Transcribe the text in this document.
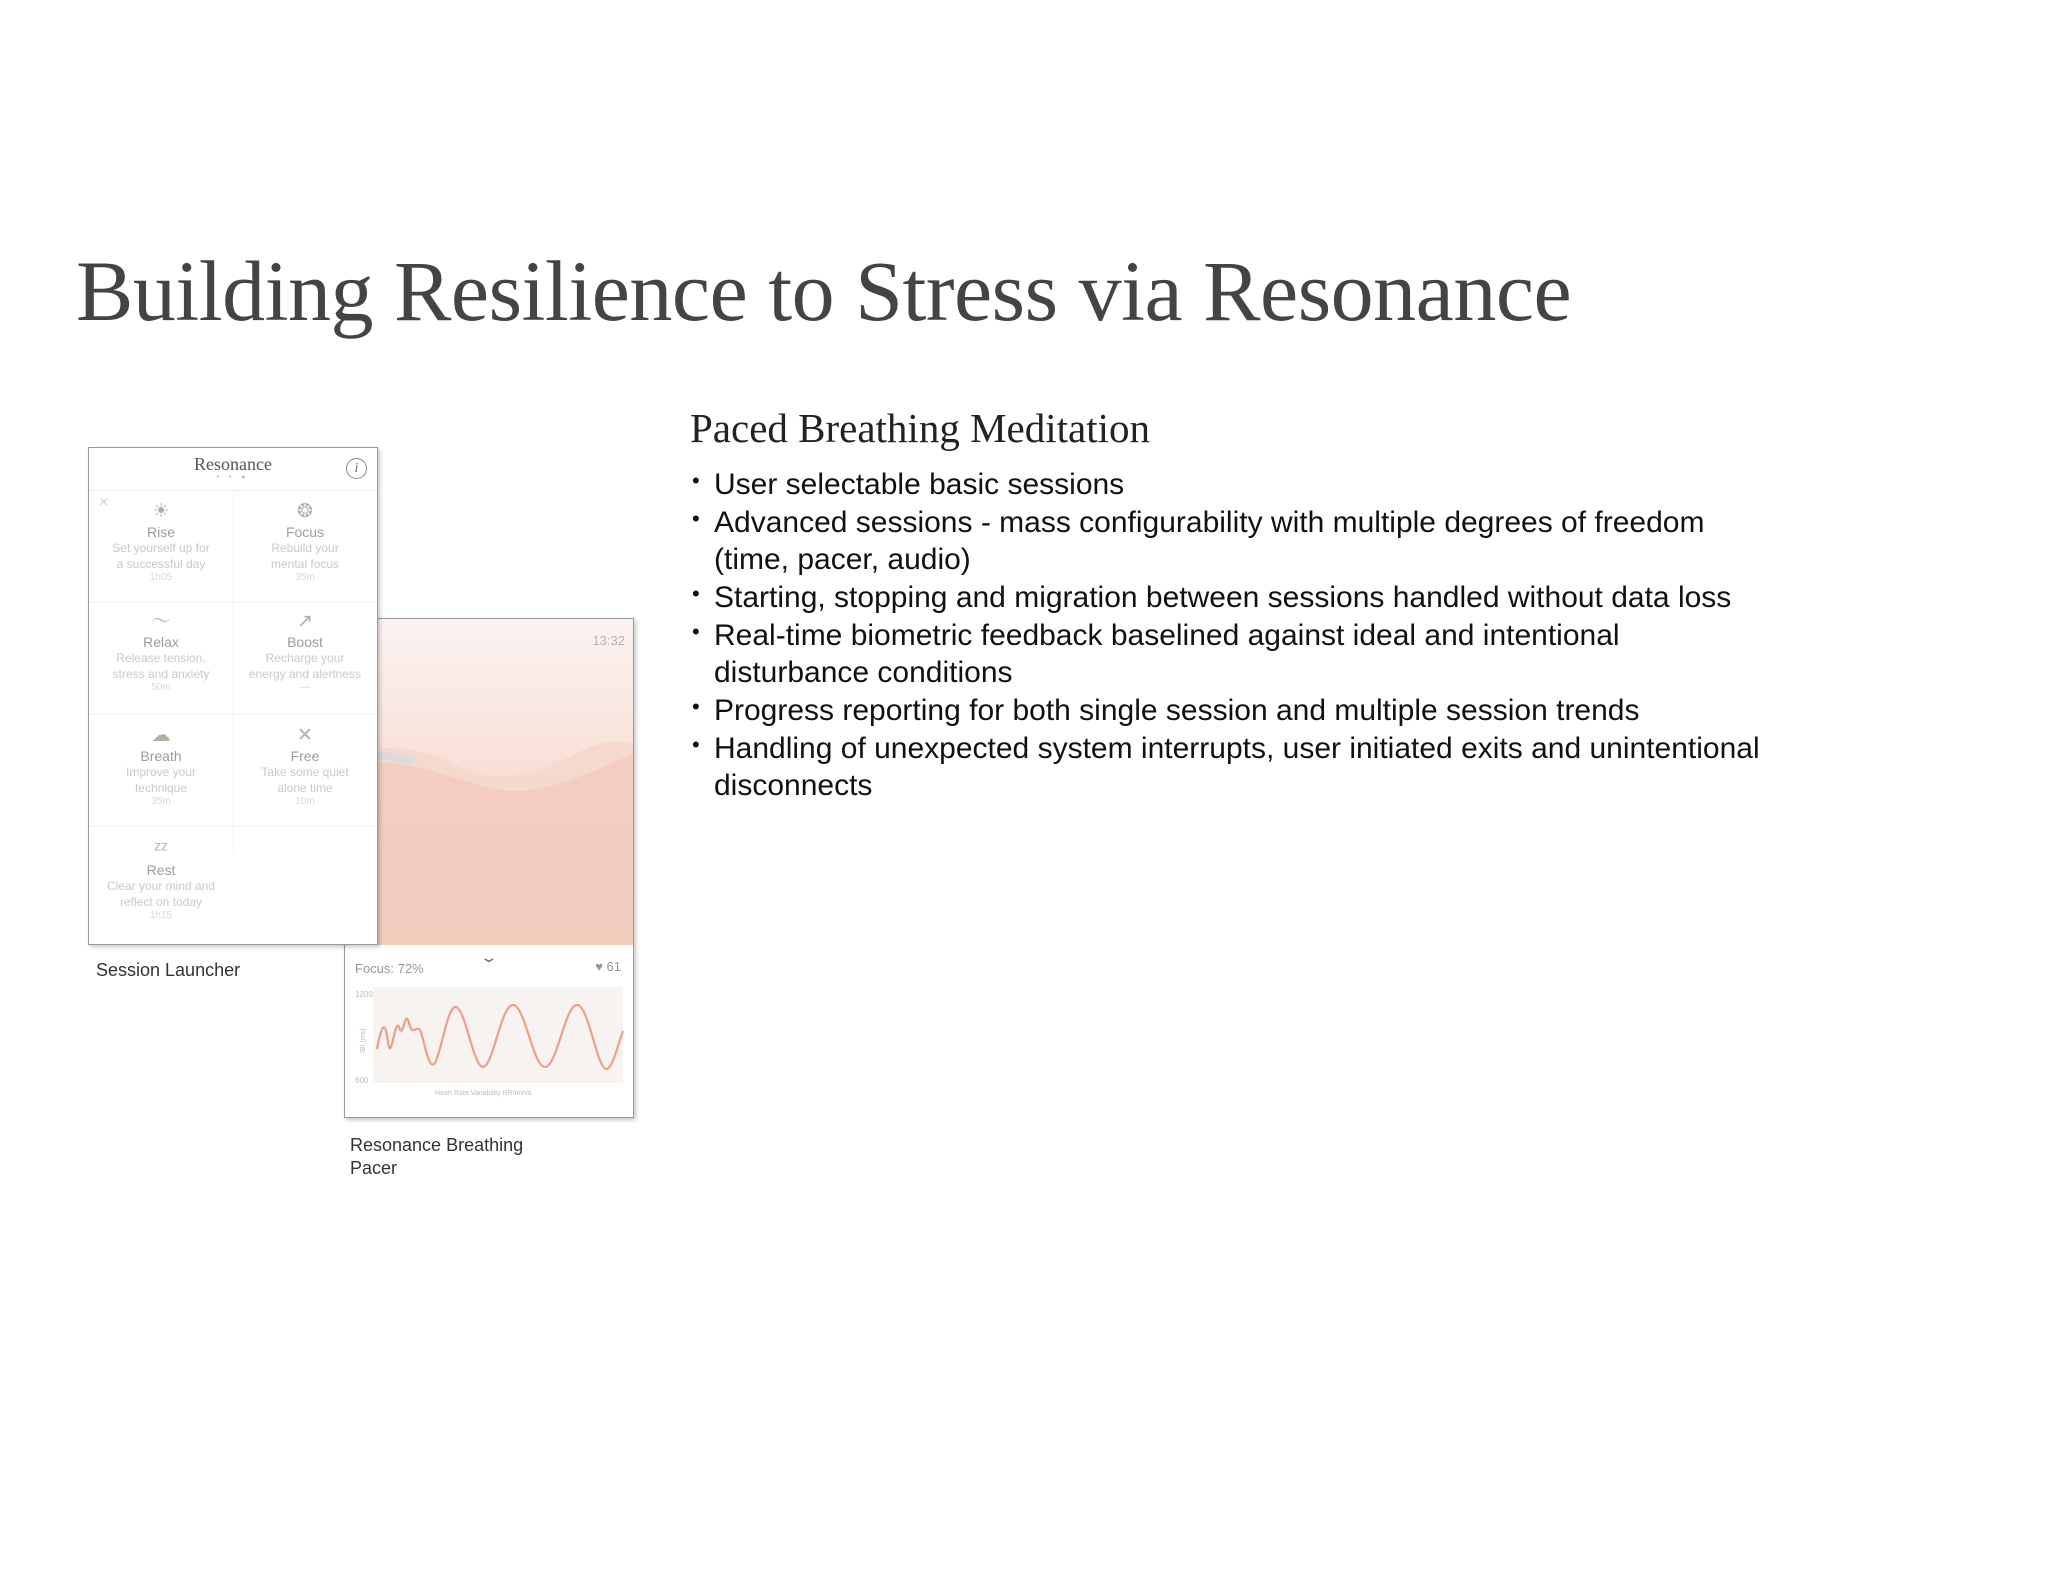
Building Resilience to Stress via Resonance
Paced Breathing Meditation
• User selectable basic sessions
• Advanced sessions - mass configurability with multiple degrees of freedom (time, pacer, audio)
• Starting, stopping and migration between sessions handled without data loss
• Real-time biometric feedback baselined against ideal and intentional disturbance conditions
• Progress reporting for both single session and multiple session trends
• Handling of unexpected system interrupts, user initiated exits and unintentional disconnects
13:32
⌄
Focus: 72%	♥ 61
1200
600
IBI (ms)
Heart Rate Variability RR/min/s
Resonance
• • ●
i
×	☀
Rise
Set yourself up for
a successful day
1h05
❂
Focus
Rebuild your
mental focus
35m
〜
Relax
Release tension,
stress and anxiety
50m
↗
Boost
Recharge your
energy and alertness
—
☁
Breath
Improve your
technique
35m
✕
Free
Take some quiet
alone time
10m
ᶻᶻ
Rest
Clear your mind and
reflect on today
1h15
Session Launcher
Resonance Breathing Pacer
